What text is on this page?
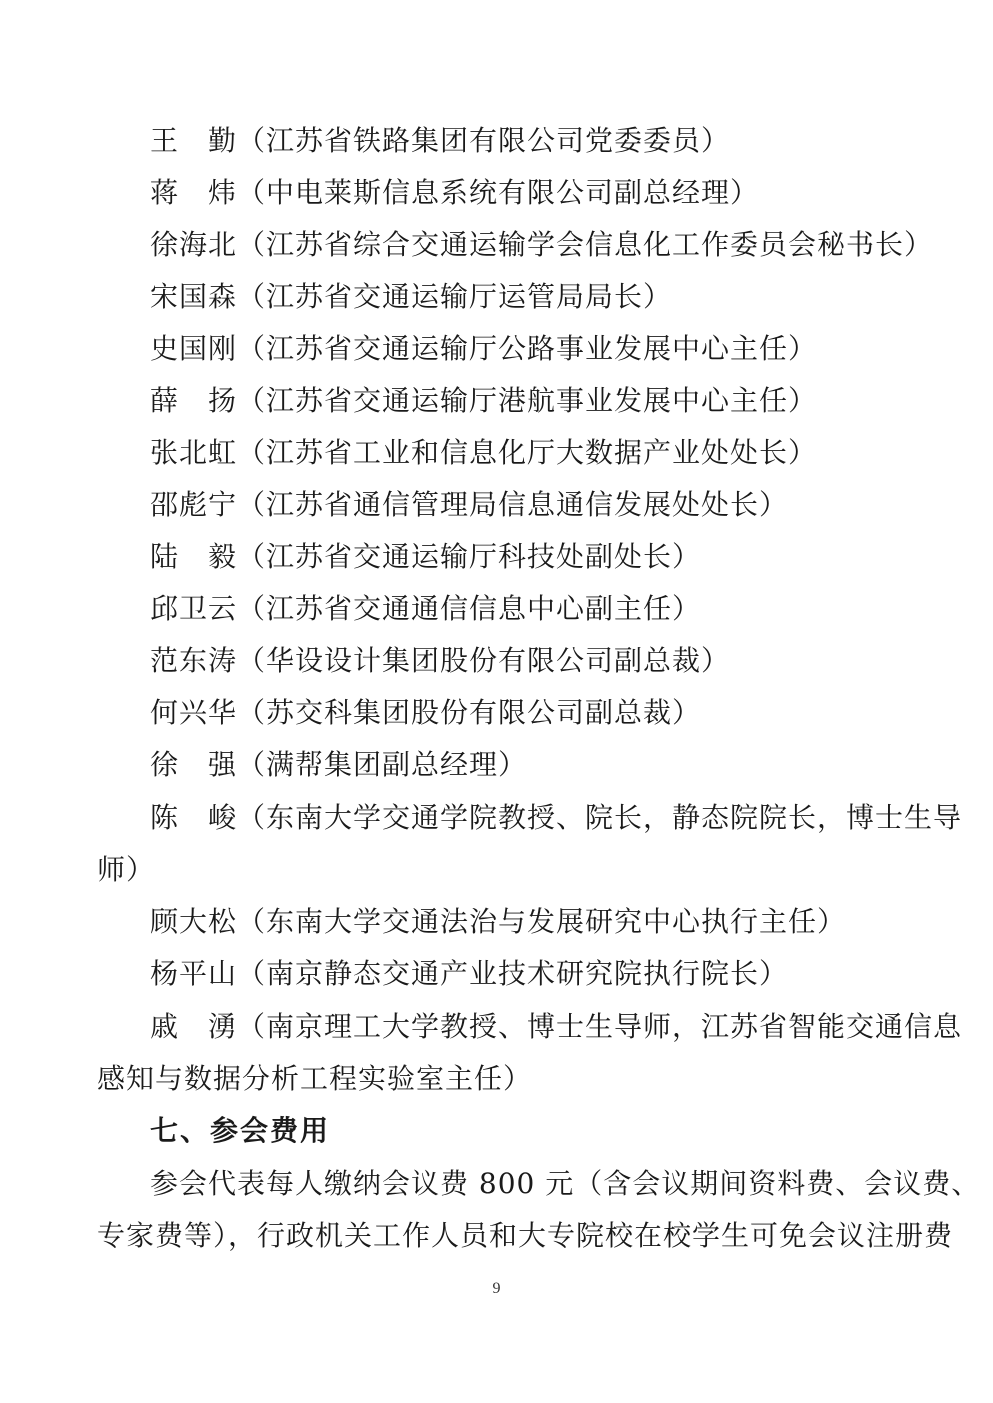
王　勤（江苏省铁路集团有限公司党委委员）
蒋　炜（中电莱斯信息系统有限公司副总经理）
徐海北（江苏省综合交通运输学会信息化工作委员会秘书长）
宋国森（江苏省交通运输厅运管局局长）
史国刚（江苏省交通运输厅公路事业发展中心主任）
薛　扬（江苏省交通运输厅港航事业发展中心主任）
张北虹（江苏省工业和信息化厅大数据产业处处长）
邵彪宁（江苏省通信管理局信息通信发展处处长）
陆　毅（江苏省交通运输厅科技处副处长）
邱卫云（江苏省交通通信信息中心副主任）
范东涛（华设设计集团股份有限公司副总裁）
何兴华（苏交科集团股份有限公司副总裁）
徐　强（满帮集团副总经理）
陈　峻（东南大学交通学院教授、院长，静态院院长，博士生导
师）
顾大松（东南大学交通法治与发展研究中心执行主任）
杨平山（南京静态交通产业技术研究院执行院长）
戚　湧（南京理工大学教授、博士生导师，江苏省智能交通信息
感知与数据分析工程实验室主任）
七、参会费用
参会代表每人缴纳会议费 800 元（含会议期间资料费、会议费、
专家费等），行政机关工作人员和大专院校在校学生可免会议注册费
9
